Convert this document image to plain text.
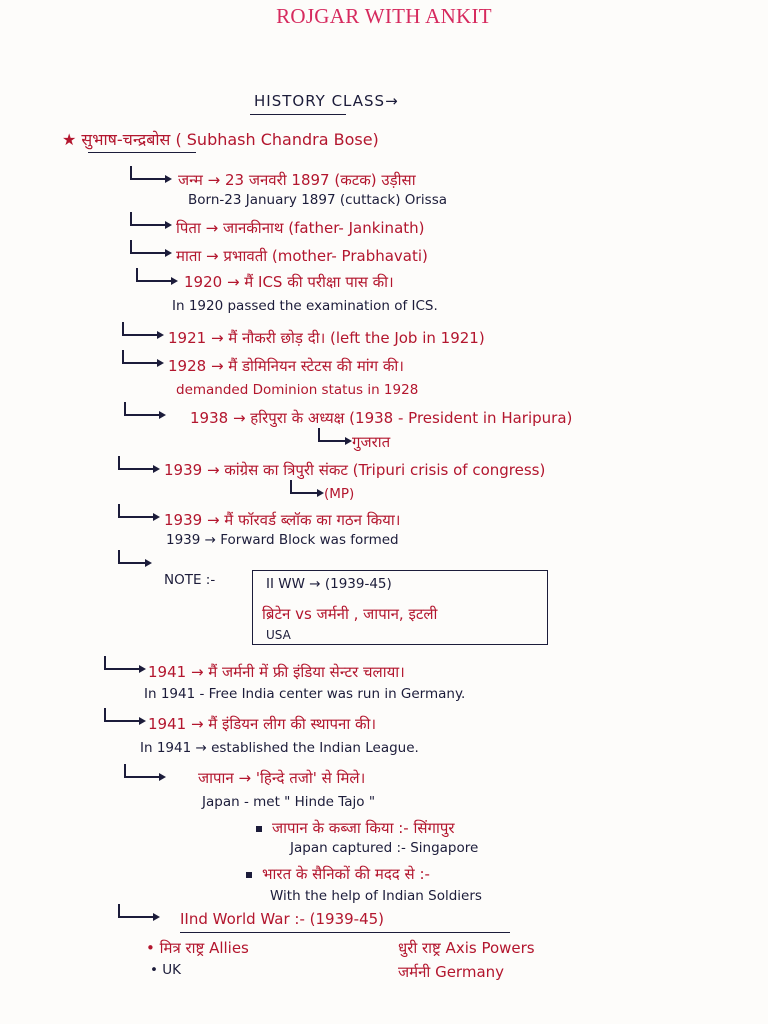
ROJGAR WITH ANKIT
HISTORY CLASS→
★ सुभाष-चन्द्रबोस ( Subhash Chandra Bose)
जन्म → 23 जनवरी 1897 (कटक) उड़ीसा
Born-23 January 1897 (cuttack) Orissa
पिता → जानकीनाथ (father- Jankinath)
माता → प्रभावती (mother- Prabhavati)
1920 → मैं ICS की परीक्षा पास की।
In 1920 passed the examination of ICS.
1921 → मैं नौकरी छोड़ दी। (left the Job in 1921)
1928 → मैं डोमिनियन स्टेटस की मांग की।
demanded Dominion status in 1928
1938 → हरिपुरा के अध्यक्ष (1938 - President in Haripura)
गुजरात
1939 → कांग्रेस का त्रिपुरी संकट (Tripuri crisis of congress)
(MP)
1939 → मैं फॉरवर्ड ब्लॉक का गठन किया।
1939 → Forward Block was formed
NOTE :-	II WW → (1939-45)
ब्रिटेन vs जर्मनी , जापान, इटली
USA
1941 → मैं जर्मनी में फ्री इंडिया सेन्टर चलाया।
In 1941 - Free India center was run in Germany.
1941 → मैं इंडियन लीग की स्थापना की।
In 1941 → established the Indian League.
जापान → 'हिन्दे तजो' से मिले।
Japan - met " Hinde Tajo "
जापान के कब्जा किया :- सिंगापुर
Japan captured :- Singapore
भारत के सैनिकों की मदद से :-
With the help of Indian Soldiers
IInd World War :- (1939-45)
• मित्र राष्ट्र Allies
• UK
धुरी राष्ट्र Axis Powers
जर्मनी Germany
